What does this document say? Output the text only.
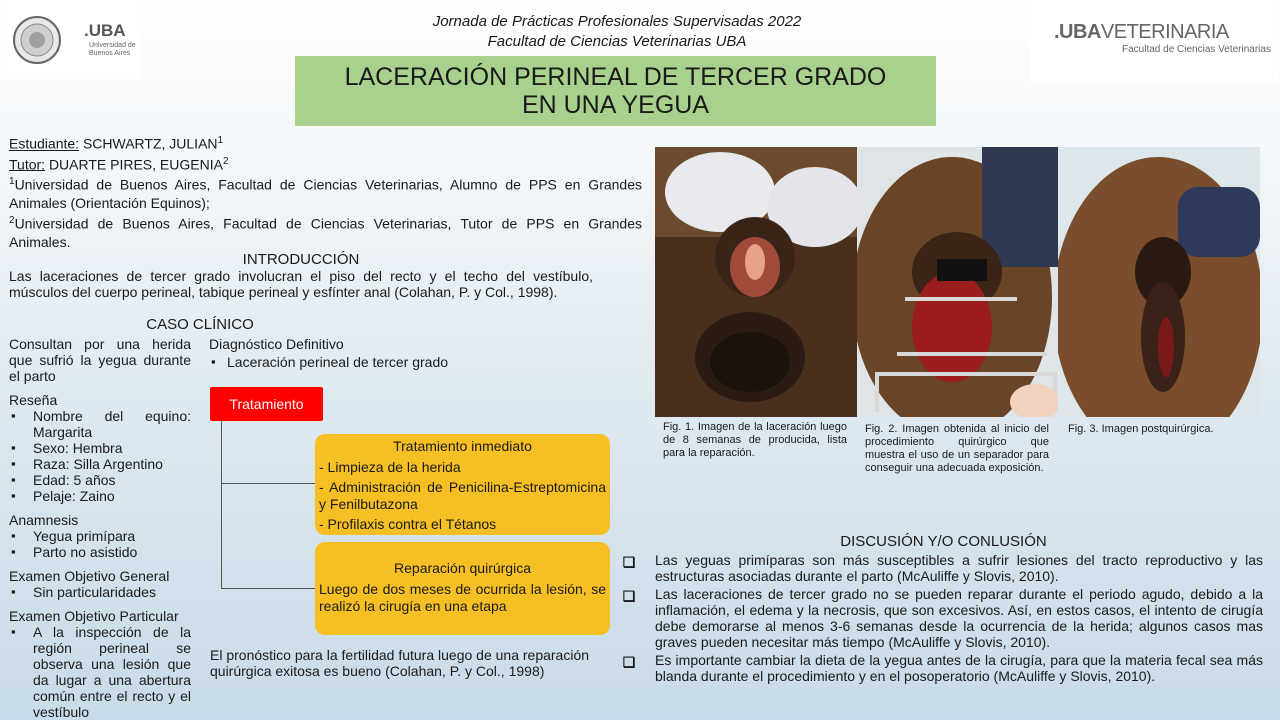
.UBA
Universidad de
Buenos Aires
Jornada de Prácticas Profesionales Supervisadas 2022
Facultad de Ciencias Veterinarias UBA	.UBAVETERINARIA
Facultad de Ciencias Veterinarias
LACERACIÓN PERINEAL DE TERCER GRADO
EN UNA YEGUA
Estudiante: SCHWARTZ, JULIAN$^1$
Tutor: DUARTE PIRES, EUGENIA$^2$
$^1$Universidad de Buenos Aires, Facultad de Ciencias Veterinarias, Alumno de PPS en Grandes Animales (Orientación Equinos);
$^2$Universidad de Buenos Aires, Facultad de Ciencias Veterinarias, Tutor de PPS en Grandes Animales.
INTRODUCCIÓN
Las laceraciones de tercer grado involucran el piso del recto y el techo del vestíbulo, músculos del cuerpo perineal, tabique perineal y esfínter anal (Colahan, P. y Col., 1998).
CASO CLÍNICO
Consultan por una herida que sufrió la yegua durante el parto
Reseña
▪ Nombre del equino: Margarita
▪ Sexo: Hembra
▪ Raza: Silla Argentino
▪ Edad: 5 años
▪ Pelaje: Zaino
Anamnesis
▪ Yegua primípara
▪ Parto no asistido
Examen Objetivo General
▪ Sin particularidades
Examen Objetivo Particular
▪ A la inspección de la región perineal se observa una lesión que da lugar a una abertura común entre el recto y el vestíbulo
Diagnóstico Definitivo
▪ Laceración perineal de tercer grado
Tratamiento
Tratamiento inmediato
- Limpieza de la herida
- Administración de Penicilina-Estreptomicina y Fenilbutazona
- Profilaxis contra el Tétanos
Reparación quirúrgica
Luego de dos meses de ocurrida la lesión, se realizó la cirugía en una etapa
El pronóstico para la fertilidad futura luego de una reparación quirúrgica exitosa es bueno (Colahan, P. y Col., 1998)
Fig. 1. Imagen de la laceración luego de 8 semanas de producida, lista para la reparación.
Fig. 2. Imagen obtenida al inicio del procedimiento quirúrgico que muestra el uso de un separador para conseguir una adecuada exposición.
Fig. 3. Imagen postquirúrgica.
DISCUSIÓN Y/O CONLUSIÓN
❏ Las yeguas primíparas son más susceptibles a sufrir lesiones del tracto reproductivo y las estructuras asociadas durante el parto (McAuliffe y Slovis, 2010).
❏ Las laceraciones de tercer grado no se pueden reparar durante el periodo agudo, debido a la inflamación, el edema y la necrosis, que son excesivos. Así, en estos casos, el intento de cirugía debe demorarse al menos 3-6 semanas desde la ocurrencia de la herida; algunos casos mas graves pueden necesitar más tiempo (McAuliffe y Slovis, 2010).
❏ Es importante cambiar la dieta de la yegua antes de la cirugía, para que la materia fecal sea más blanda durante el procedimiento y en el posoperatorio (McAuliffe y Slovis, 2010).
